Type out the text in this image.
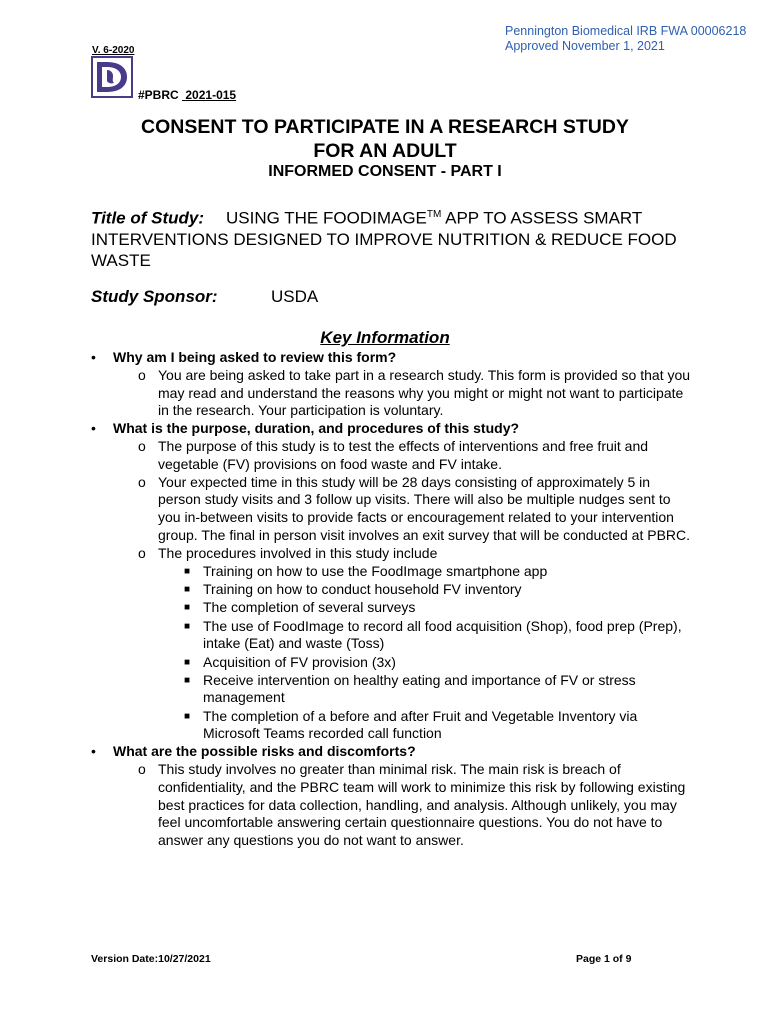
Pennington Biomedical IRB FWA 00006218
Approved November 1, 2021
V. 6-2020
#PBRC 2021-015
CONSENT TO PARTICIPATE IN A RESEARCH STUDY
FOR AN ADULT
INFORMED CONSENT - PART I
Title of Study: USING THE FOODIMAGE™ APP TO ASSESS SMART INTERVENTIONS DESIGNED TO IMPROVE NUTRITION & REDUCE FOOD WASTE
Study Sponsor:	USDA
Key Information
• Why am I being asked to review this form?
o You are being asked to take part in a research study. This form is provided so that you may read and understand the reasons why you might or might not want to participate in the research. Your participation is voluntary.
• What is the purpose, duration, and procedures of this study?
o The purpose of this study is to test the effects of interventions and free fruit and vegetable (FV) provisions on food waste and FV intake.
o Your expected time in this study will be 28 days consisting of approximately 5 in person study visits and 3 follow up visits. There will also be multiple nudges sent to you in-between visits to provide facts or encouragement related to your intervention group. The final in person visit involves an exit survey that will be conducted at PBRC.
o The procedures involved in this study include
■ Training on how to use the FoodImage smartphone app
■ Training on how to conduct household FV inventory
■ The completion of several surveys
■ The use of FoodImage to record all food acquisition (Shop), food prep (Prep), intake (Eat) and waste (Toss)
■ Acquisition of FV provision (3x)
■ Receive intervention on healthy eating and importance of FV or stress management
■ The completion of a before and after Fruit and Vegetable Inventory via Microsoft Teams recorded call function
• What are the possible risks and discomforts?
o This study involves no greater than minimal risk. The main risk is breach of confidentiality, and the PBRC team will work to minimize this risk by following existing best practices for data collection, handling, and analysis. Although unlikely, you may feel uncomfortable answering certain questionnaire questions. You do not have to answer any questions you do not want to answer.
Version Date:10/27/2021	Page 1 of 9
